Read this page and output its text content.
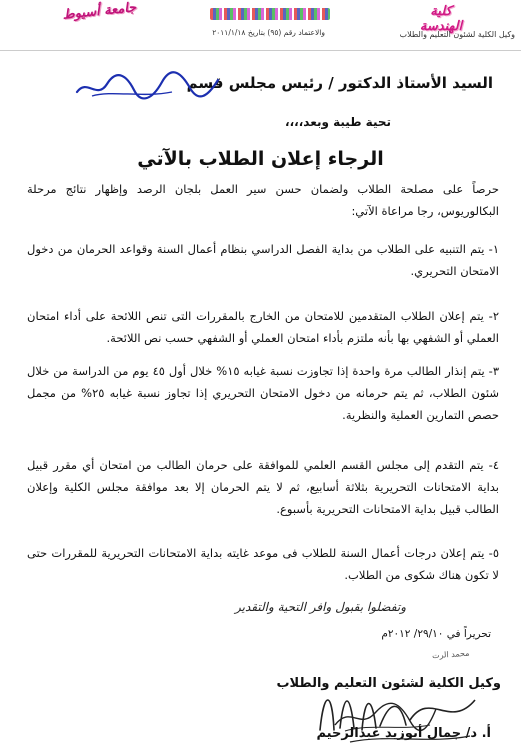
جامعة أسيوط
والاعتماد رقم (٩٥) بتاريخ ٢٠١١/١/١٨
كلية الهندسة
وكيل الكلية لشئون التعليم والطلاب
السيد الأستاذ الدكتور / رئيس مجلس قسم
تحية طيبة وبعد،،،،
الرجاء إعلان الطلاب بالآتي
حرصاً على مصلحة الطلاب ولضمان حسن سير العمل بلجان الرصد وإظهار نتائج مرحلة البكالوريوس، رجا مراعاة الآتي:
١- يتم التنبيه على الطلاب من بداية الفصل الدراسي بنظام أعمال السنة وقواعد الحرمان من دخول الامتحان التحريري.
٢- يتم إعلان الطلاب المتقدمين للامتحان من الخارج بالمقررات التى تنص اللائحة على أداء امتحان العملي أو الشفهي بها بأنه ملتزم بأداء امتحان العملي أو الشفهي حسب نص اللائحة.
٣- يتم إنذار الطالب مرة واحدة إذا تجاوزت نسبة غيابه ١٥% خلال أول ٤٥ يوم من الدراسة من خلال شئون الطلاب، ثم يتم حرمانه من دخول الامتحان التحريري إذا تجاوز نسبة غيابه ٢٥% من مجمل حصص التمارين العملية والنظرية.
٤- يتم التقدم إلى مجلس القسم العلمي للموافقة على حرمان الطالب من امتحان أي مقرر قبيل بداية الامتحانات التحريرية بثلاثة أسابيع، ثم لا يتم الحرمان إلا بعد موافقة مجلس الكلية وإعلان الطالب قبيل بداية الامتحانات التحريرية بأسبوع.
٥- يتم إعلان درجات أعمال السنة للطلاب فى موعد غايته بداية الامتحانات التحريرية للمقررات حتى لا تكون هناك شكوى من الطلاب.
وتفضلوا بقبول وافر التحية والتقدير
تحريراً في ٢٩/١٠/ ٢٠١٢م
محمد الرت
وكيل الكلية لشئون التعليم والطلاب
أ. د/ جمال أبوزيد عبدالرحيم
